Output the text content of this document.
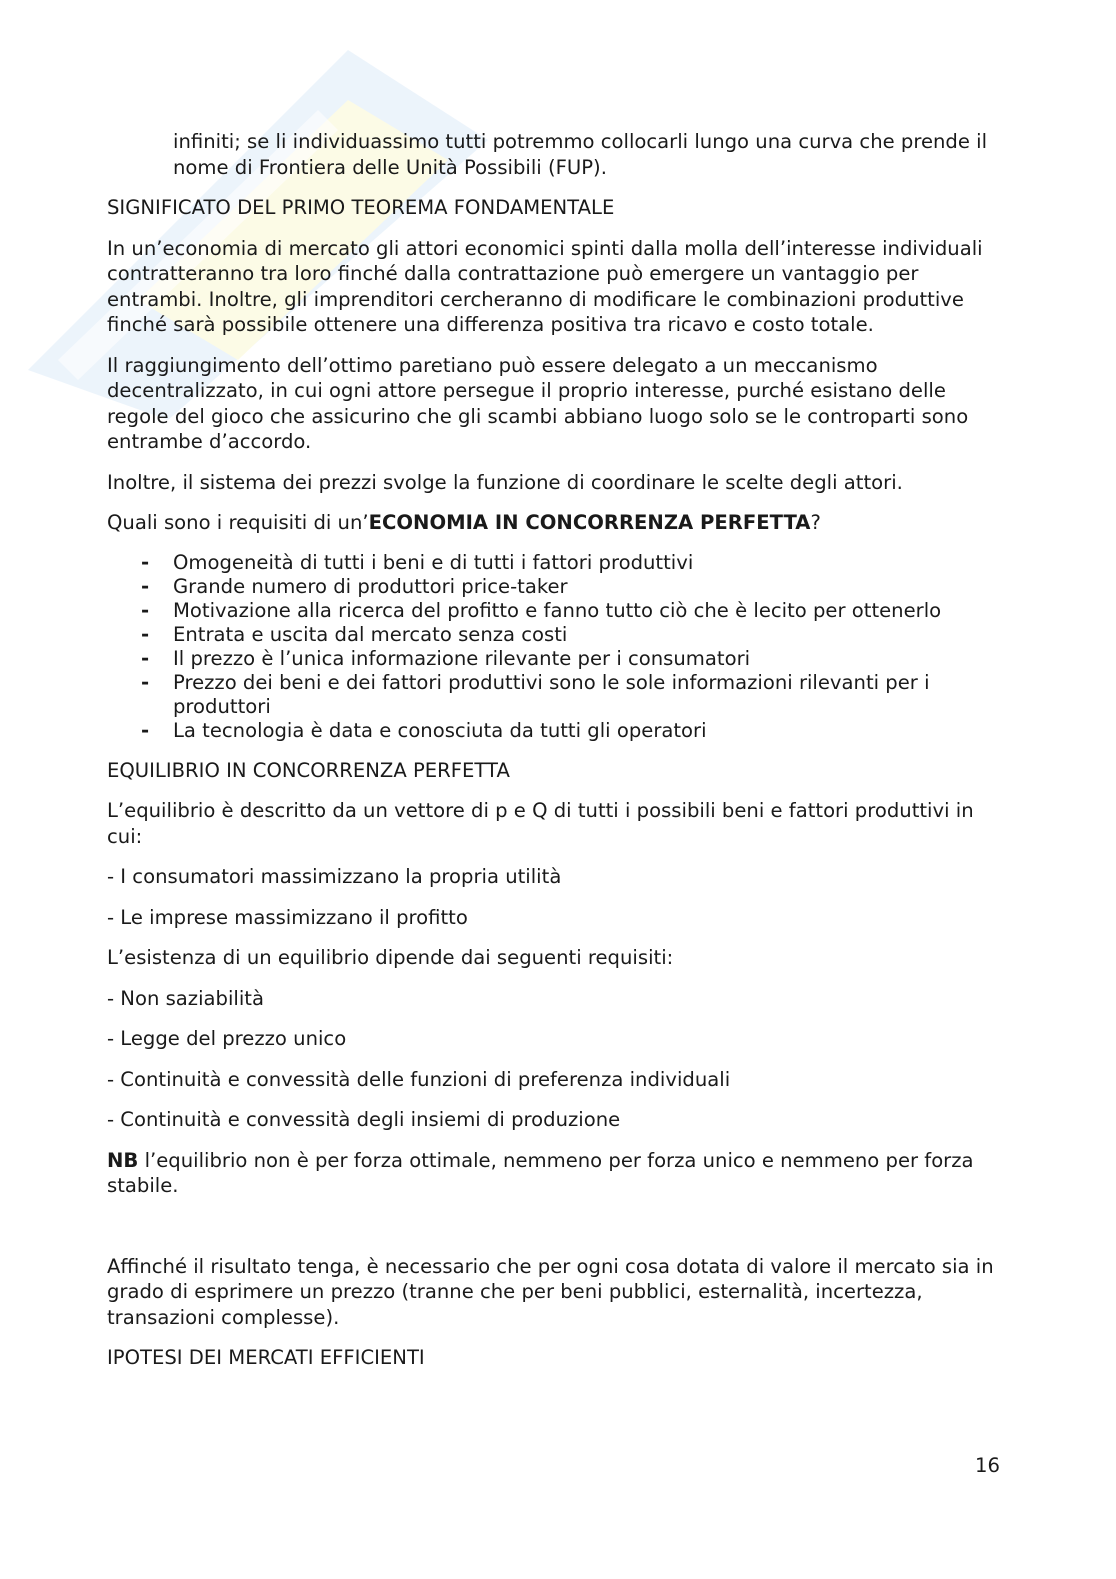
infiniti; se li individuassimo tutti potremmo collocarli lungo una curva che prende il nome di Frontiera delle Unità Possibili (FUP).

SIGNIFICATO DEL PRIMO TEOREMA FONDAMENTALE

In un’economia di mercato gli attori economici spinti dalla molla dell’interesse individuali contratteranno tra loro finché dalla contrattazione può emergere un vantaggio per entrambi. Inoltre, gli imprenditori cercheranno di modificare le combinazioni produttive finché sarà possibile ottenere una differenza positiva tra ricavo e costo totale.

Il raggiungimento dell’ottimo paretiano può essere delegato a un meccanismo decentralizzato, in cui ogni attore persegue il proprio interesse, purché esistano delle regole del gioco che assicurino che gli scambi abbiano luogo solo se le controparti sono entrambe d’accordo.

Inoltre, il sistema dei prezzi svolge la funzione di coordinare le scelte degli attori.

Quali sono i requisiti di un’ECONOMIA IN CONCORRENZA PERFETTA?

- Omogeneità di tutti i beni e di tutti i fattori produttivi
- Grande numero di produttori price-taker
- Motivazione alla ricerca del profitto e fanno tutto ciò che è lecito per ottenerlo
- Entrata e uscita dal mercato senza costi
- Il prezzo è l’unica informazione rilevante per i consumatori
- Prezzo dei beni e dei fattori produttivi sono le sole informazioni rilevanti per i produttori
- La tecnologia è data e conosciuta da tutti gli operatori

EQUILIBRIO IN CONCORRENZA PERFETTA

L’equilibrio è descritto da un vettore di p e Q di tutti i possibili beni e fattori produttivi in cui:

- I consumatori massimizzano la propria utilità

- Le imprese massimizzano il profitto

L’esistenza di un equilibrio dipende dai seguenti requisiti:

- Non saziabilità

- Legge del prezzo unico

- Continuità e convessità delle funzioni di preferenza individuali

- Continuità e convessità degli insiemi di produzione

NB l’equilibrio non è per forza ottimale, nemmeno per forza unico e nemmeno per forza stabile.

Affinché il risultato tenga, è necessario che per ogni cosa dotata di valore il mercato sia in grado di esprimere un prezzo (tranne che per beni pubblici, esternalità, incertezza, transazioni complesse).

IPOTESI DEI MERCATI EFFICIENTI

16
